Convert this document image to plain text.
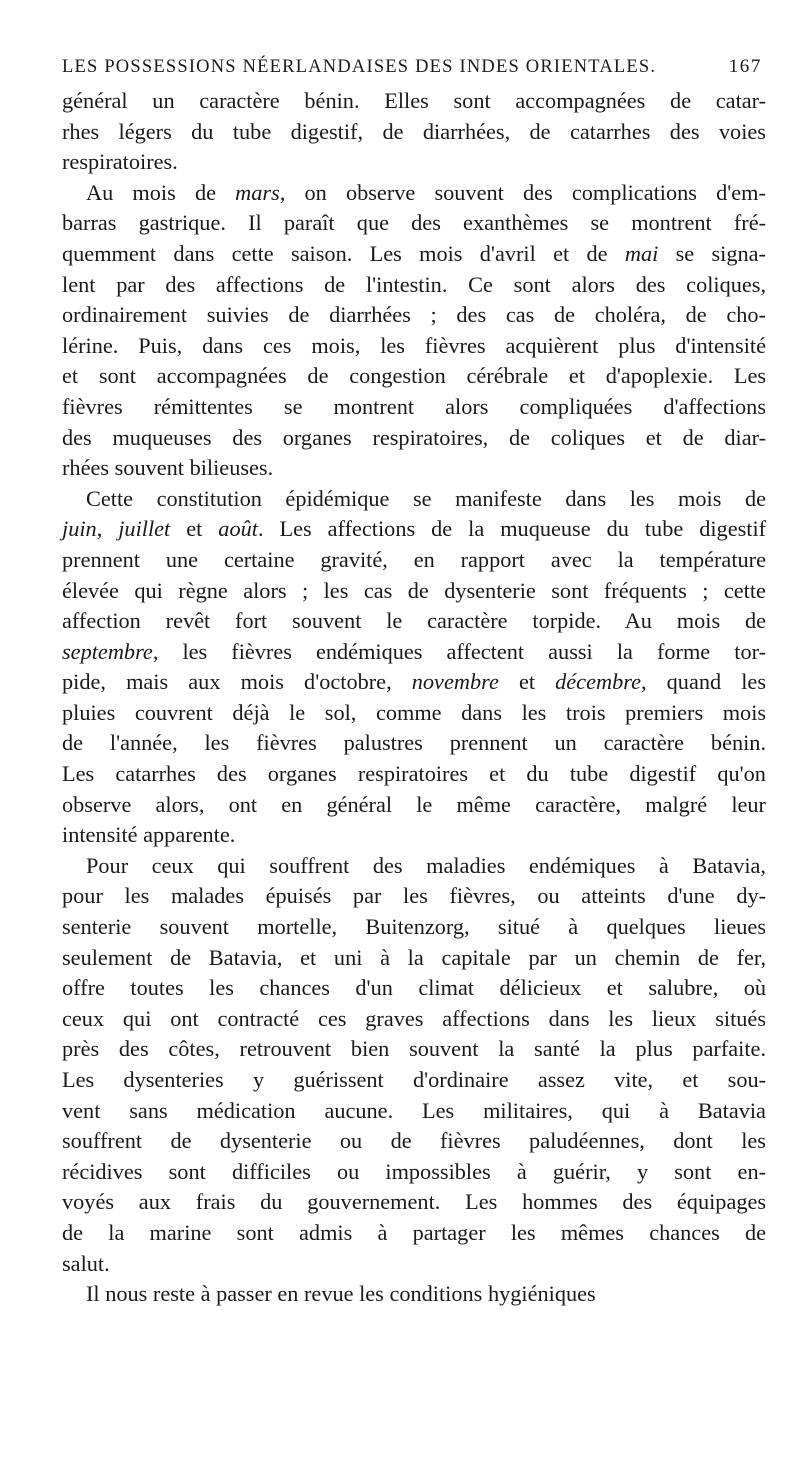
LES POSSESSIONS NÉERLANDAISES DES INDES ORIENTALES.	167
général un caractère bénin. Elles sont accompagnées de catar-
rhes légers du tube digestif, de diarrhées, de catarrhes des voies
respiratoires.
Au mois de mars, on observe souvent des complications d'em-
barras gastrique. Il paraît que des exanthèmes se montrent fré-
quemment dans cette saison. Les mois d'avril et de mai se signa-
lent par des affections de l'intestin. Ce sont alors des coliques,
ordinairement suivies de diarrhées ; des cas de choléra, de cho-
lérine. Puis, dans ces mois, les fièvres acquièrent plus d'intensité
et sont accompagnées de congestion cérébrale et d'apoplexie. Les
fièvres rémittentes se montrent alors compliquées d'affections
des muqueuses des organes respiratoires, de coliques et de diar-
rhées souvent bilieuses.
Cette constitution épidémique se manifeste dans les mois de
juin, juillet et août. Les affections de la muqueuse du tube digestif
prennent une certaine gravité, en rapport avec la température
élevée qui règne alors ; les cas de dysenterie sont fréquents ; cette
affection revêt fort souvent le caractère torpide. Au mois de
septembre, les fièvres endémiques affectent aussi la forme tor-
pide, mais aux mois d'octobre, novembre et décembre, quand les
pluies couvrent déjà le sol, comme dans les trois premiers mois
de l'année, les fièvres palustres prennent un caractère bénin.
Les catarrhes des organes respiratoires et du tube digestif qu'on
observe alors, ont en général le même caractère, malgré leur
intensité apparente.
Pour ceux qui souffrent des maladies endémiques à Batavia,
pour les malades épuisés par les fièvres, ou atteints d'une dy-
senterie souvent mortelle, Buitenzorg, situé à quelques lieues
seulement de Batavia, et uni à la capitale par un chemin de fer,
offre toutes les chances d'un climat délicieux et salubre, où
ceux qui ont contracté ces graves affections dans les lieux situés
près des côtes, retrouvent bien souvent la santé la plus parfaite.
Les dysenteries y guérissent d'ordinaire assez vite, et sou-
vent sans médication aucune. Les militaires, qui à Batavia
souffrent de dysenterie ou de fièvres paludéennes, dont les
récidives sont difficiles ou impossibles à guérir, y sont en-
voyés aux frais du gouvernement. Les hommes des équipages
de la marine sont admis à partager les mêmes chances de
salut.
Il nous reste à passer en revue les conditions hygiéniques
